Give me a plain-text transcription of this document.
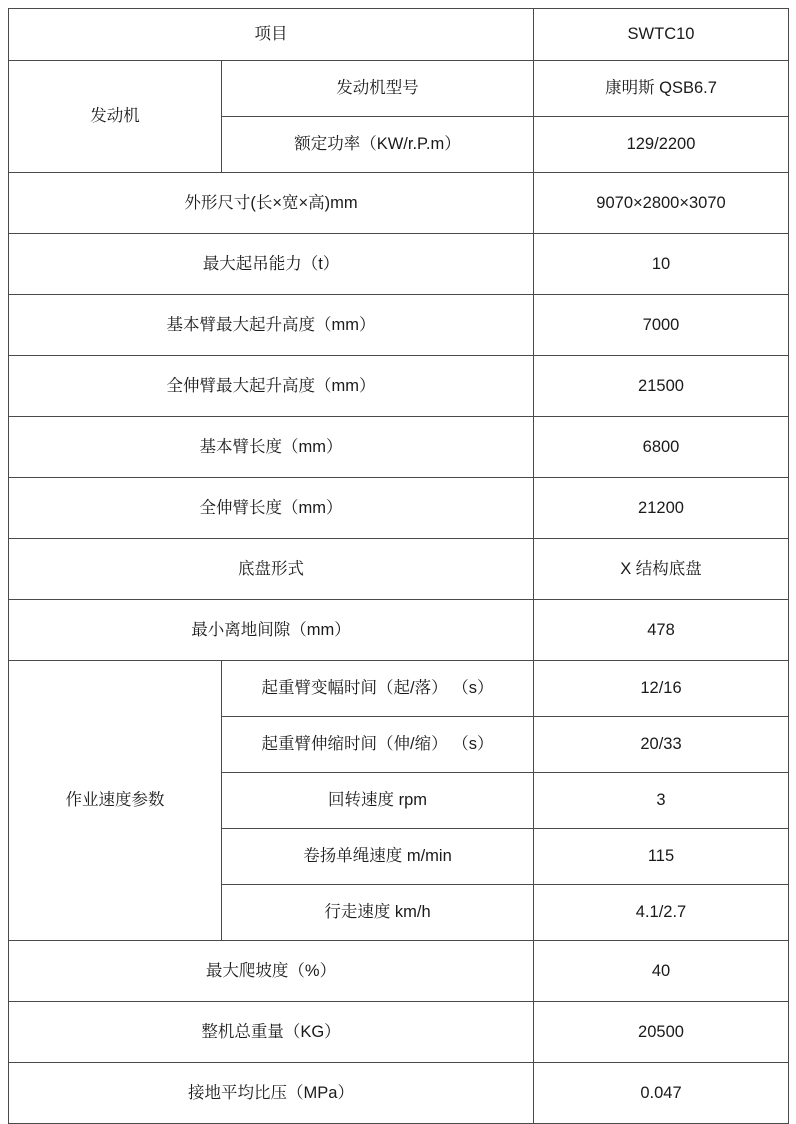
项目		SWTC10
发动机	发动机型号	康明斯 QSB6.7
	额定功率（KW/r.P.m）	129/2200
外形尺寸(长×宽×高)mm		9070×2800×3070
最大起吊能力（t）		10
基本臂最大起升高度（mm）		7000
全伸臂最大起升高度（mm）		21500
基本臂长度（mm）		6800
全伸臂长度（mm）		21200
底盘形式		X 结构底盘
最小离地间隙（mm）		478
作业速度参数	起重臂变幅时间（起/落） （s）	12/16
	起重臂伸缩时间（伸/缩） （s）	20/33
	回转速度 rpm	3
	卷扬单绳速度 m/min	115
	行走速度 km/h	4.1/2.7
最大爬坡度（%）		40
整机总重量（KG）		20500
接地平均比压（MPa）		0.047
